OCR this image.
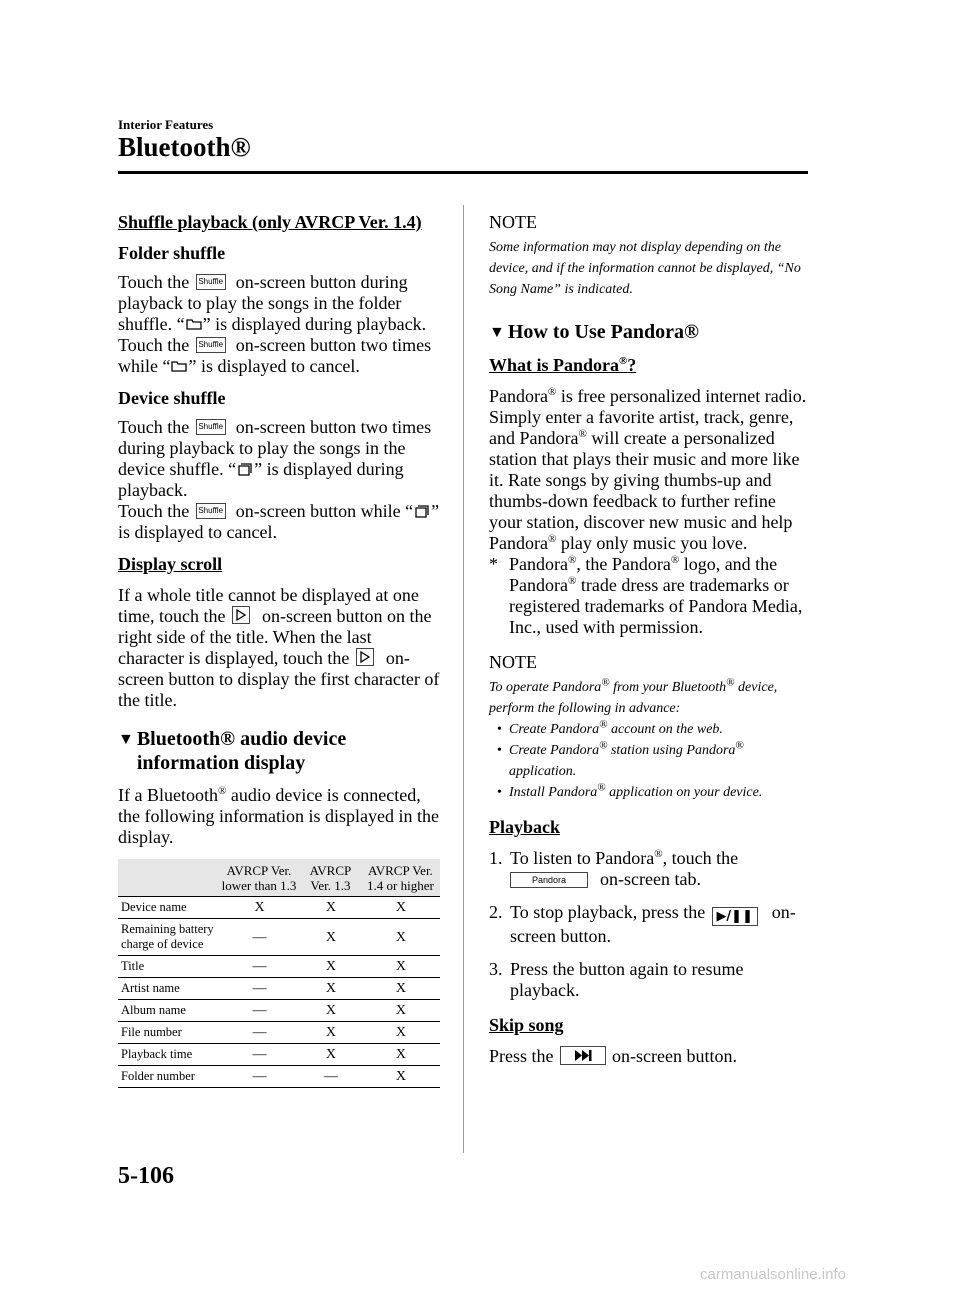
Interior Features
Bluetooth®
Shuffle playback (only AVRCP Ver. 1.4)
Folder shuffle

Touch the Shuffle on-screen button during playback to play the songs in the folder shuffle. “ ” is displayed during playback.
Touch the Shuffle on-screen button two times while “ ” is displayed to cancel.

Device shuffle

Touch the Shuffle on-screen button two times during playback to play the songs in the device shuffle. “ ” is displayed during playback.
Touch the Shuffle on-screen button while “ ” is displayed to cancel.

Display scroll

If a whole title cannot be displayed at one time, touch the on-screen button on the right side of the title. When the last character is displayed, touch the on-screen button to display the first character of the title.

▼ Bluetooth® audio device information display

If a Bluetooth® audio device is connected, the following information is displayed in the display.

	AVRCP Ver. lower than 1.3	AVRCP Ver. 1.3	AVRCP Ver. 1.4 or higher
Device name	X	X	X
Remaining battery charge of device	―	X	X
Title	―	X	X
Artist name	―	X	X
Album name	―	X	X
File number	―	X	X
Playback time	―	X	X
Folder number	―	―	X
NOTE
Some information may not display depending on the device, and if the information cannot be displayed, “No Song Name” is indicated.
▼ How to Use Pandora®
What is Pandora®?

Pandora® is free personalized internet radio. Simply enter a favorite artist, track, genre, and Pandora® will create a personalized station that plays their music and more like it. Rate songs by giving thumbs-up and thumbs-down feedback to further refine your station, discover new music and help Pandora® play only music you love.

* Pandora®, the Pandora® logo, and the Pandora® trade dress are trademarks or registered trademarks of Pandora Media, Inc., used with permission.
NOTE
To operate Pandora® from your Bluetooth® device, perform the following in advance:
• Create Pandora® account on the web.
• Create Pandora® station using Pandora® application.
• Install Pandora® application on your device.
Playback
1. To listen to Pandora®, touch the
Pandora on-screen tab.
2. To stop playback, press the ▶/❚❚ on-screen button.
3. Press the button again to resume playback.
Skip song

Press the	on-screen button.

5-106
carmanualsonline.info
